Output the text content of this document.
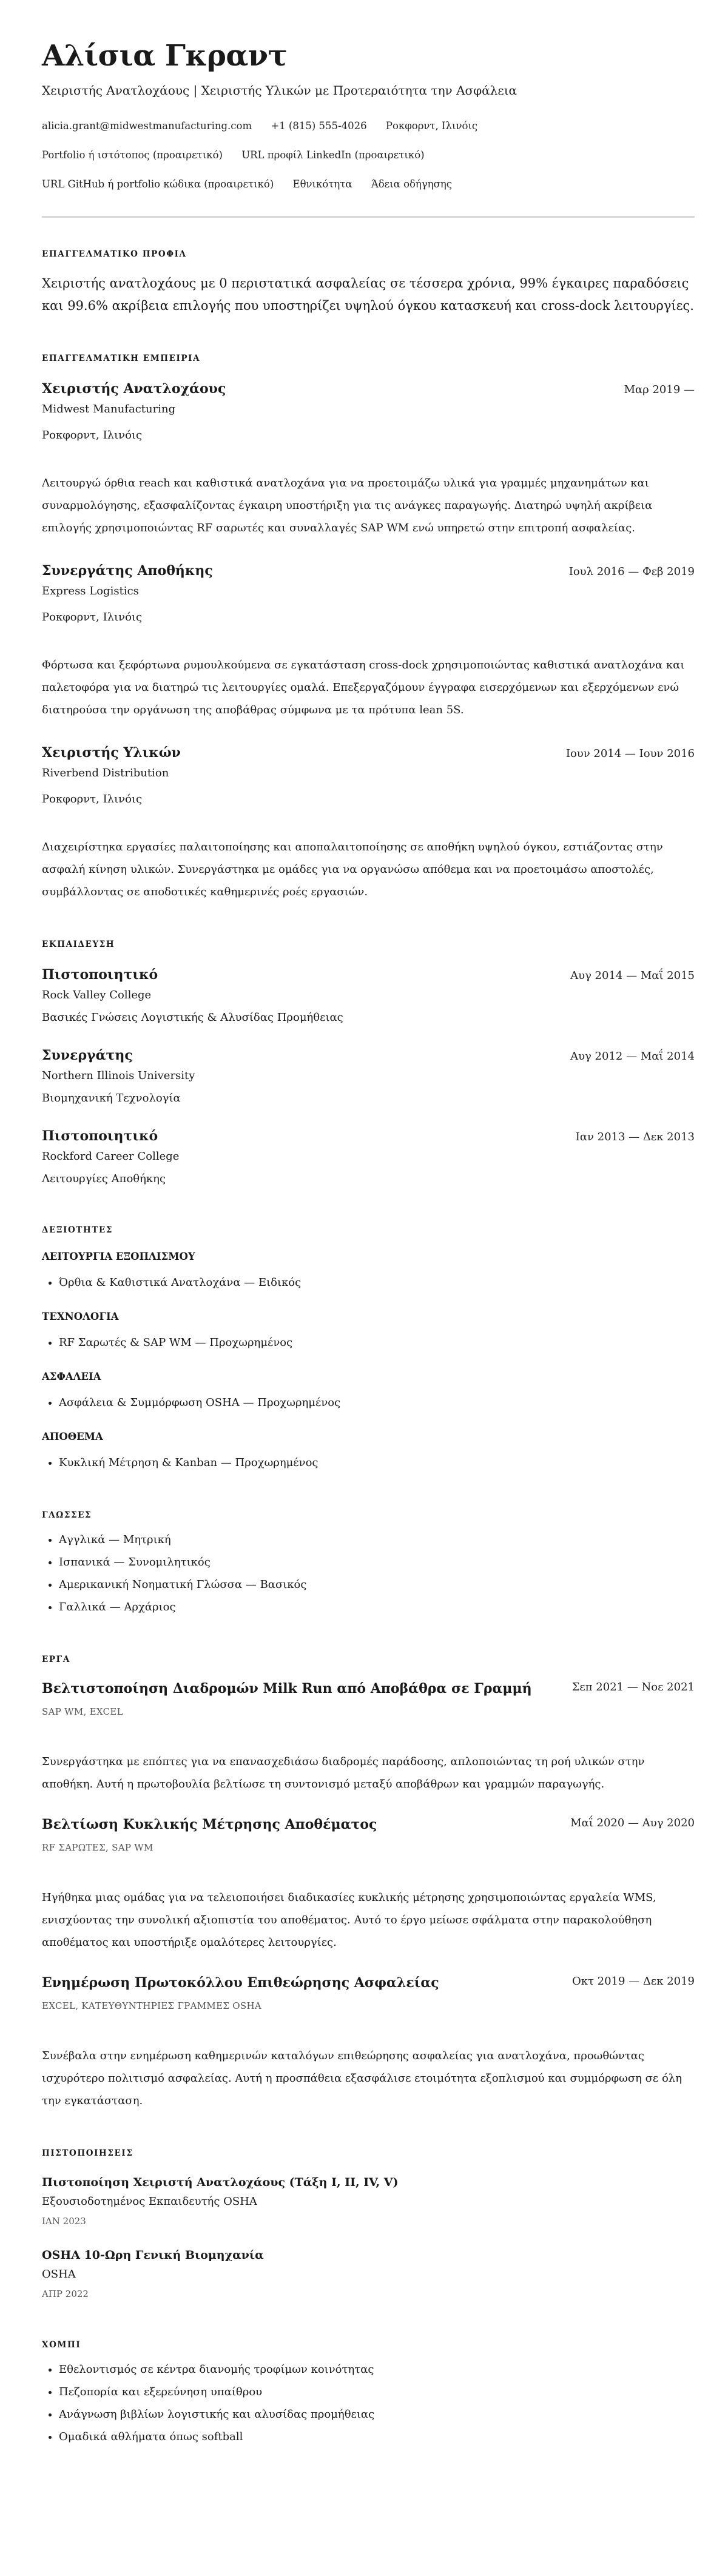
Αλίσια Γκραντ
Χειριστής Ανατλοχάους | Χειριστής Υλικών με Προτεραιότητα την Ασφάλεια
alicia.grant@midwestmanufacturing.com +1 (815) 555-4026 Ροκφορντ, Ιλινόις
Portfolio ή ιστότοπος (προαιρετικό) URL προφίλ LinkedIn (προαιρετικό)
URL GitHub ή portfolio κώδικα (προαιρετικό) Εθνικότητα Άδεια οδήγησης
ΕΠΑΓΓΕΛΜΑΤΙΚΟ ΠΡΟΦΙΛ
Χειριστής ανατλοχάους με 0 περιστατικά ασφαλείας σε τέσσερα χρόνια, 99% έγκαιρες παραδόσεις και 99.6% ακρίβεια επιλογής που υποστηρίζει υψηλού όγκου κατασκευή και cross-dock λειτουργίες.
ΕΠΑΓΓΕΛΜΑΤΙΚΗ ΕΜΠΕΙΡΙΑ
Χειριστής Ανατλοχάους	Μαρ 2019 —
Midwest Manufacturing
Ροκφορντ, Ιλινόις
Λειτουργώ όρθια reach και καθιστικά ανατλοχάνα για να προετοιμάζω υλικά για γραμμές μηχανημάτων και συναρμολόγησης, εξασφαλίζοντας έγκαιρη υποστήριξη για τις ανάγκες παραγωγής. Διατηρώ υψηλή ακρίβεια επιλογής χρησιμοποιώντας RF σαρωτές και συναλλαγές SAP WM ενώ υπηρετώ στην επιτροπή ασφαλείας.
Συνεργάτης Αποθήκης	Ιουλ 2016 — Φεβ 2019
Express Logistics
Ροκφορντ, Ιλινόις
Φόρτωσα και ξεφόρτωνα ρυμουλκούμενα σε εγκατάσταση cross-dock χρησιμοποιώντας καθιστικά ανατλοχάνα και παλετοφόρα για να διατηρώ τις λειτουργίες ομαλά. Επεξεργαζόμουν έγγραφα εισερχόμενων και εξερχόμενων ενώ διατηρούσα την οργάνωση της αποβάθρας σύμφωνα με τα πρότυπα lean 5S.
Χειριστής Υλικών	Ιουν 2014 — Ιουν 2016
Riverbend Distribution
Ροκφορντ, Ιλινόις
Διαχειρίστηκα εργασίες παλαιτοποίησης και αποπαλαιτοποίησης σε αποθήκη υψηλού όγκου, εστιάζοντας στην ασφαλή κίνηση υλικών. Συνεργάστηκα με ομάδες για να οργανώσω απόθεμα και να προετοιμάσω αποστολές, συμβάλλοντας σε αποδοτικές καθημερινές ροές εργασιών.
ΕΚΠΑΙΔΕΥΣΗ
Πιστοποιητικό	Αυγ 2014 — Μαΐ 2015
Rock Valley College
Βασικές Γνώσεις Λογιστικής & Αλυσίδας Προμήθειας
Συνεργάτης	Αυγ 2012 — Μαΐ 2014
Northern Illinois University
Βιομηχανική Τεχνολογία
Πιστοποιητικό	Ιαν 2013 — Δεκ 2013
Rockford Career College
Λειτουργίες Αποθήκης
ΔΕΞΙΟΤΗΤΕΣ
ΛΕΙΤΟΥΡΓΙΑ ΕΞΟΠΛΙΣΜΟΥ
• Όρθια & Καθιστικά Ανατλοχάνα — Ειδικός
ΤΕΧΝΟΛΟΓΙΑ
• RF Σαρωτές & SAP WM — Προχωρημένος
ΑΣΦΑΛΕΙΑ
• Ασφάλεια & Συμμόρφωση OSHA — Προχωρημένος
ΑΠΟΘΕΜΑ
• Κυκλική Μέτρηση & Kanban — Προχωρημένος
ΓΛΩΣΣΕΣ
• Αγγλικά — Μητρική
• Ισπανικά — Συνομιλητικός
• Αμερικανική Νοηματική Γλώσσα — Βασικός
• Γαλλικά — Αρχάριος
ΕΡΓΑ
Βελτιστοποίηση Διαδρομών Milk Run από Αποβάθρα σε Γραμμή	Σεπ 2021 — Νοε 2021
SAP WM, EXCEL
Συνεργάστηκα με επόπτες για να επανασχεδιάσω διαδρομές παράδοσης, απλοποιώντας τη ροή υλικών στην αποθήκη. Αυτή η πρωτοβουλία βελτίωσε τη συντονισμό μεταξύ αποβάθρων και γραμμών παραγωγής.
Βελτίωση Κυκλικής Μέτρησης Αποθέματος	Μαΐ 2020 — Αυγ 2020
RF ΣΑΡΩΤΕΣ, SAP WM
Ηγήθηκα μιας ομάδας για να τελειοποιήσει διαδικασίες κυκλικής μέτρησης χρησιμοποιώντας εργαλεία WMS, ενισχύοντας την συνολική αξιοπιστία του αποθέματος. Αυτό το έργο μείωσε σφάλματα στην παρακολούθηση αποθέματος και υποστήριξε ομαλότερες λειτουργίες.
Ενημέρωση Πρωτοκόλλου Επιθεώρησης Ασφαλείας	Οκτ 2019 — Δεκ 2019
EXCEL, ΚΑΤΕΥΘΥΝΤΗΡΙΕΣ ΓΡΑΜΜΕΣ OSHA
Συνέβαλα στην ενημέρωση καθημερινών καταλόγων επιθεώρησης ασφαλείας για ανατλοχάνα, προωθώντας ισχυρότερο πολιτισμό ασφαλείας. Αυτή η προσπάθεια εξασφάλισε ετοιμότητα εξοπλισμού και συμμόρφωση σε όλη την εγκατάσταση.
ΠΙΣΤΟΠΟΙΗΣΕΙΣ
Πιστοποίηση Χειριστή Ανατλοχάους (Τάξη I, II, IV, V)
Εξουσιοδοτημένος Εκπαιδευτής OSHA
ΙΑΝ 2023
OSHA 10-Ωρη Γενική Βιομηχανία
OSHA
ΑΠΡ 2022
ΧΟΜΠΙ
• Εθελοντισμός σε κέντρα διανομής τροφίμων κοινότητας
• Πεζοπορία και εξερεύνηση υπαίθρου
• Ανάγνωση βιβλίων λογιστικής και αλυσίδας προμήθειας
• Ομαδικά αθλήματα όπως softball
